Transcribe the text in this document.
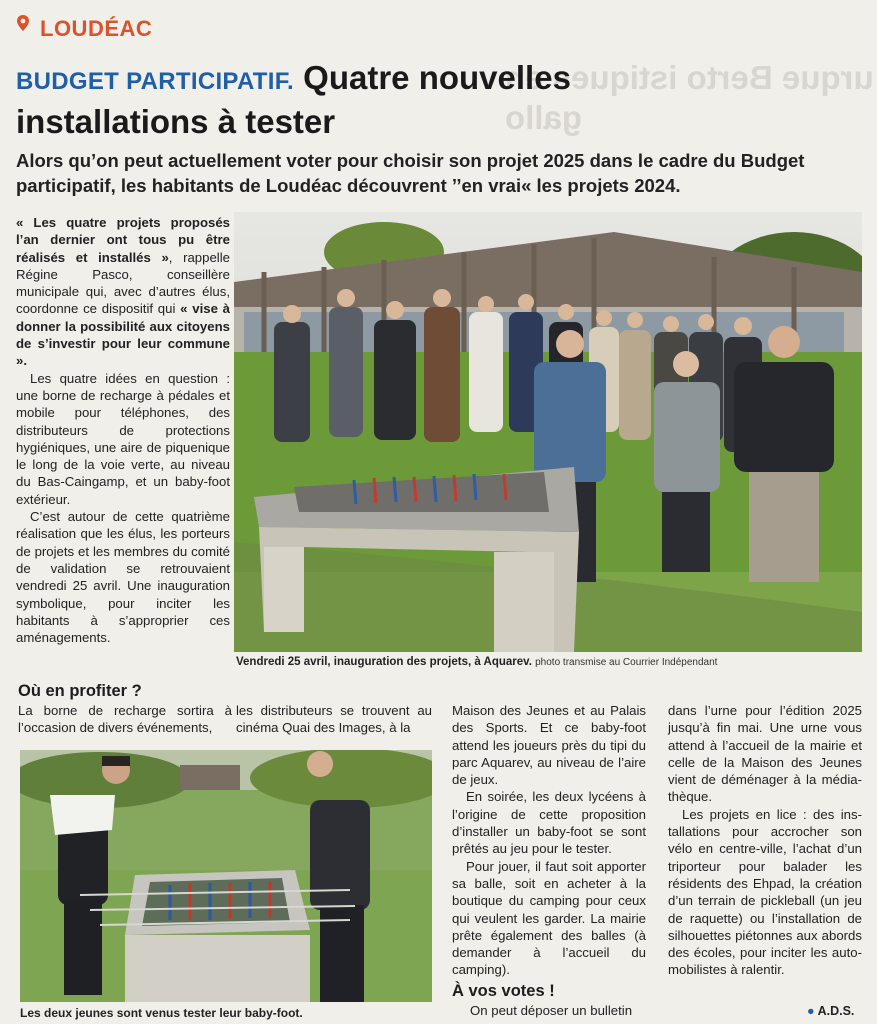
LOUDÉAC
urque Berto istiques en gallo
BUDGET PARTICIPATIF. Quatre nouvelles installations à tester
Alors qu’on peut actuellement voter pour choisir son projet 2025 dans le cadre du Budget participatif, les habitants de Loudéac découvrent ’’en vrai« les projets 2024.

« Les quatre projets proposés l’an dernier ont tous pu être réalisés et installés », rappelle Régine Pasco, conseillère municipale qui, avec d’autres élus, coordonne ce dispositif qui « vise à donner la possibilité aux citoyens de s’investir pour leur commune ».

Les quatre idées en question : une borne de recharge à pédales et mobile pour téléphones, des distributeurs de protections hygiéniques, une aire de piquenique le long de la voie verte, au niveau du Bas-Caingamp, et un baby-foot extérieur.

C’est autour de cette quatrième réalisation que les élus, les porteurs de projets et les membres du comité de validation se retrouvaient vendredi 25 avril. Une inauguration symbolique, pour inciter les habitants à s’approprier ces aménagements.

Vendredi 25 avril, inauguration des projets, à Aquarev. photo transmise au Courrier Indépendant
Où en profiter ?

La borne de recharge sortira à l’occasion de divers événements,

les distributeurs se trouvent au cinéma Quai des Images, à la

Maison des Jeunes et au Palais des Sports. Et ce baby-foot attend les joueurs près du tipi du parc Aquarev, au niveau de l’aire de jeux.

En soirée, les deux lycéens à l’origine de cette proposition d’installer un baby-foot se sont prêtés au jeu pour le tester.

Pour jouer, il faut soit apporter sa balle, soit en acheter à la boutique du camping pour ceux qui veulent les garder. La mairie prête également des balles (à demander à l’accueil du camping).

À vos votes !

On peut déposer un bulletin

dans l’urne pour l’édition 2025 jusqu’à fin mai. Une urne vous attend à l’accueil de la mairie et celle de la Maison des Jeunes vient de déménager à la médiathèque.

Les projets en lice : des installations pour accrocher son vélo en centre-ville, l’achat d’un triporteur pour balader les résidents des Ehpad, la création d’un terrain de pickleball (un jeu de raquette) ou l’installation de silhouettes piétonnes aux abords des écoles, pour inciter les automobilistes à ralentir.

Les deux jeunes sont venus tester leur baby-foot.	● A.D.S.
